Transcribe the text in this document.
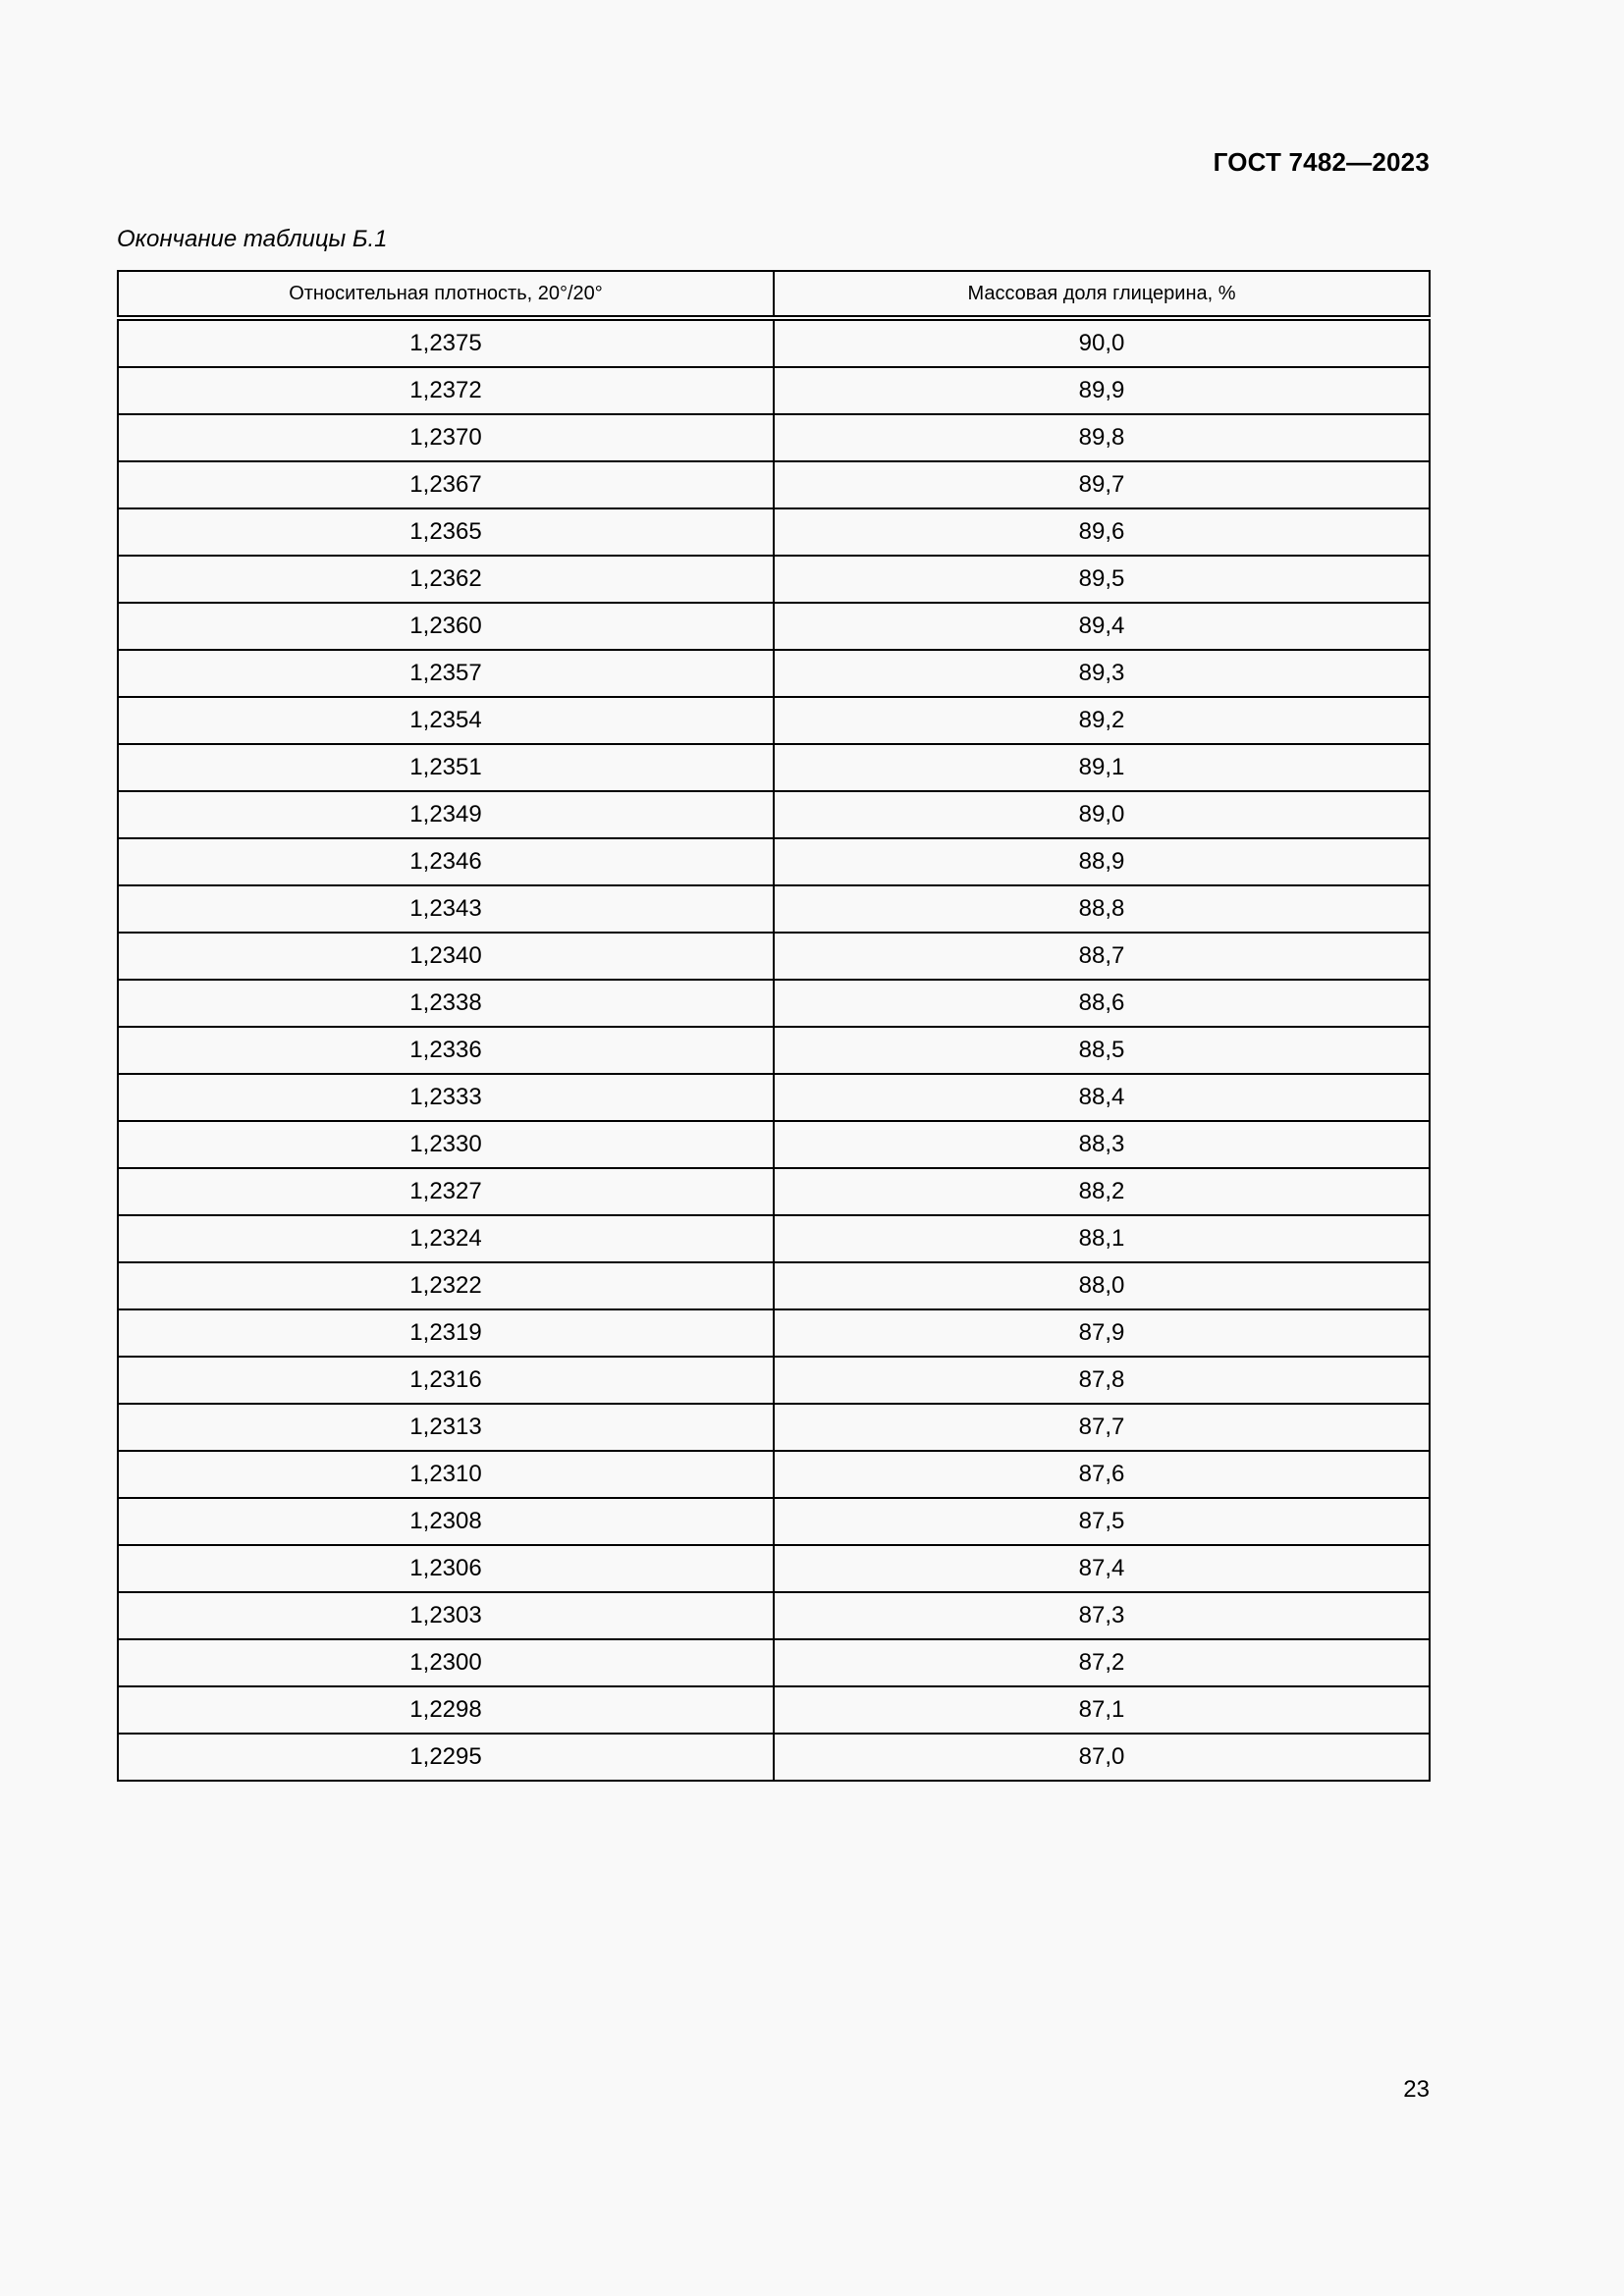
ГОСТ 7482—2023
Окончание таблицы Б.1
Относительная плотность, 20°/20°	Массовая доля глицерина, %
1,2375	90,0
1,2372	89,9
1,2370	89,8
1,2367	89,7
1,2365	89,6
1,2362	89,5
1,2360	89,4
1,2357	89,3
1,2354	89,2
1,2351	89,1
1,2349	89,0
1,2346	88,9
1,2343	88,8
1,2340	88,7
1,2338	88,6
1,2336	88,5
1,2333	88,4
1,2330	88,3
1,2327	88,2
1,2324	88,1
1,2322	88,0
1,2319	87,9
1,2316	87,8
1,2313	87,7
1,2310	87,6
1,2308	87,5
1,2306	87,4
1,2303	87,3
1,2300	87,2
1,2298	87,1
1,2295	87,0
23
